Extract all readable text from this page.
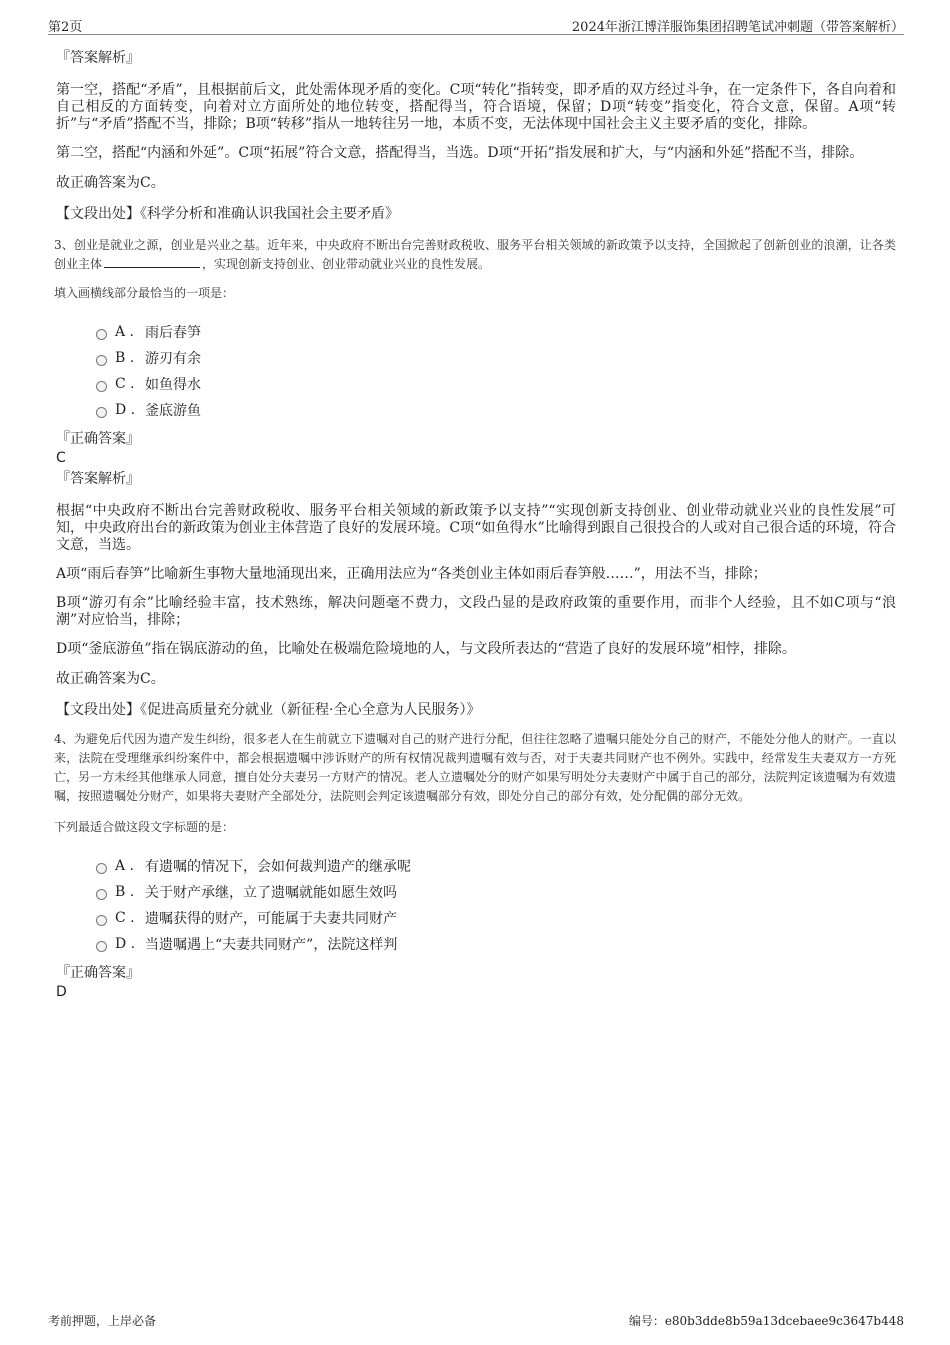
第2页	2024年浙江博洋服饰集团招聘笔试冲刺题（带答案解析）
『答案解析』

第一空，搭配“矛盾”，且根据前后文，此处需体现矛盾的变化。C项“转化”指转变，即矛盾的双方经过斗争，在一定条件下，各自向着和自己相反的方面转变，向着对立方面所处的地位转变，搭配得当，符合语境，保留；D项“转变”指变化，符合文意，保留。A项“转折”与“矛盾”搭配不当，排除；B项“转移”指从一地转往另一地，本质不变，无法体现中国社会主义主要矛盾的变化，排除。

第二空，搭配“内涵和外延”。C项“拓展”符合文意，搭配得当，当选。D项“开拓”指发展和扩大，与“内涵和外延”搭配不当，排除。

故正确答案为C。

【文段出处】《科学分析和准确认识我国社会主要矛盾》

3、创业是就业之源，创业是兴业之基。近年来，中央政府不断出台完善财政税收、服务平台相关领域的新政策予以支持，全国掀起了创新创业的浪潮，让各类创业主体	，实现创新支持创业、创业带动就业兴业的良性发展。

填入画横线部分最恰当的一项是：

A . 雨后春笋
B . 游刃有余
C . 如鱼得水
D . 釜底游鱼
『正确答案』

C

『答案解析』

根据“中央政府不断出台完善财政税收、服务平台相关领域的新政策予以支持”“实现创新支持创业、创业带动就业兴业的良性发展”可知，中央政府出台的新政策为创业主体营造了良好的发展环境。C项“如鱼得水”比喻得到跟自己很投合的人或对自己很合适的环境，符合文意，当选。

A项“雨后春笋”比喻新生事物大量地涌现出来，正确用法应为“各类创业主体如雨后春笋般……”，用法不当，排除；

B项“游刃有余”比喻经验丰富，技术熟练，解决问题毫不费力，文段凸显的是政府政策的重要作用，而非个人经验，且不如C项与“浪潮”对应恰当，排除；

D项“釜底游鱼”指在锅底游动的鱼，比喻处在极端危险境地的人，与文段所表达的“营造了良好的发展环境”相悖，排除。

故正确答案为C。

【文段出处】《促进高质量充分就业（新征程·全心全意为人民服务）》

4、为避免后代因为遗产发生纠纷，很多老人在生前就立下遗嘱对自己的财产进行分配，但往往忽略了遗嘱只能处分自己的财产，不能处分他人的财产。一直以来，法院在受理继承纠纷案件中，都会根据遗嘱中涉诉财产的所有权情况裁判遗嘱有效与否，对于夫妻共同财产也不例外。实践中，经常发生夫妻双方一方死亡，另一方未经其他继承人同意，擅自处分夫妻另一方财产的情况。老人立遗嘱处分的财产如果写明处分夫妻财产中属于自己的部分，法院判定该遗嘱为有效遗嘱，按照遗嘱处分财产，如果将夫妻财产全部处分，法院则会判定该遗嘱部分有效，即处分自己的部分有效，处分配偶的部分无效。

下列最适合做这段文字标题的是：

A . 有遗嘱的情况下，会如何裁判遗产的继承呢
B . 关于财产承继，立了遗嘱就能如愿生效吗
C . 遗嘱获得的财产，可能属于夫妻共同财产
D . 当遗嘱遇上“夫妻共同财产”，法院这样判
『正确答案』

D

考前押题，上岸必备	编号：e80b3dde8b59a13dcebaee9c3647b448
